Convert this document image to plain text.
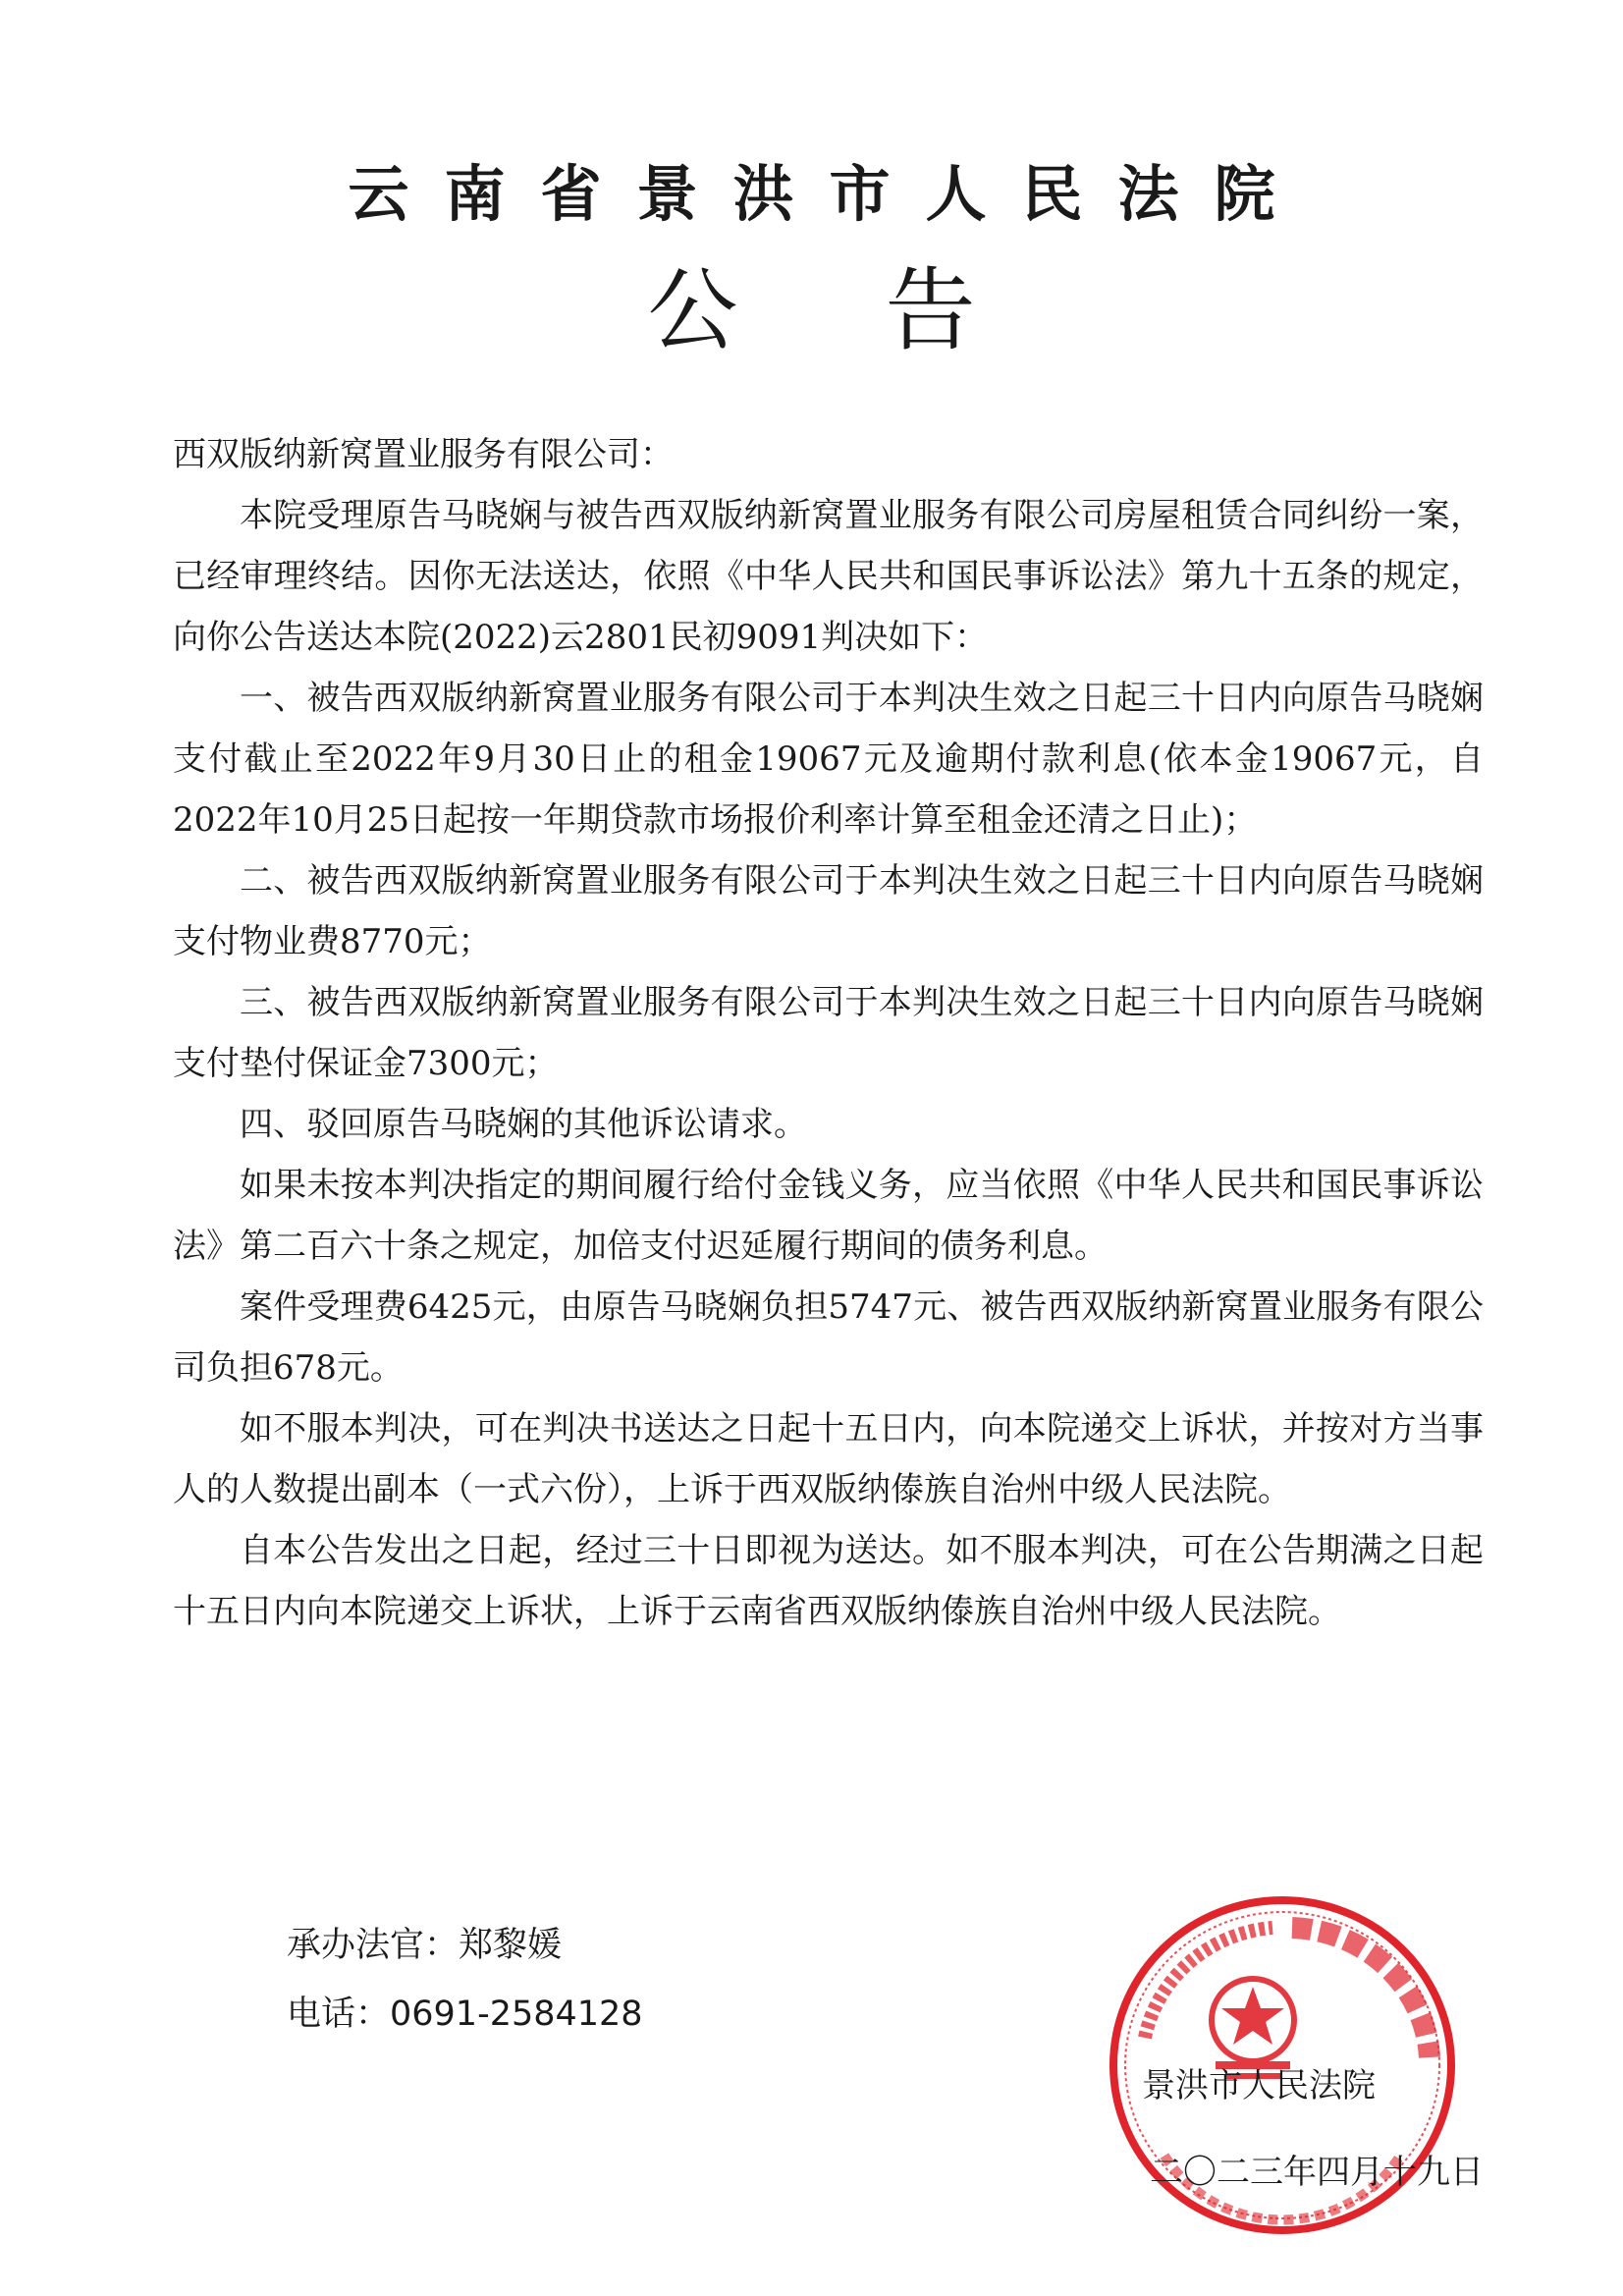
云南省景洪市人民法院
公告

西双版纳新窝置业服务有限公司：

本院受理原告马晓娴与被告西双版纳新窝置业服务有限公司房屋租赁合同纠纷一案，已经审理终结。因你无法送达，依照《中华人民共和国民事诉讼法》第九十五条的规定，向你公告送达本院(2022)云2801民初9091判决如下：

一、被告西双版纳新窝置业服务有限公司于本判决生效之日起三十日内向原告马晓娴支付截止至2022年9月30日止的租金19067元及逾期付款利息(依本金19067元，自2022年10月25日起按一年期贷款市场报价利率计算至租金还清之日止)；

二、被告西双版纳新窝置业服务有限公司于本判决生效之日起三十日内向原告马晓娴支付物业费8770元；

三、被告西双版纳新窝置业服务有限公司于本判决生效之日起三十日内向原告马晓娴支付垫付保证金7300元；

四、驳回原告马晓娴的其他诉讼请求。

如果未按本判决指定的期间履行给付金钱义务，应当依照《中华人民共和国民事诉讼法》第二百六十条之规定，加倍支付迟延履行期间的债务利息。

案件受理费6425元，由原告马晓娴负担5747元、被告西双版纳新窝置业服务有限公司负担678元。

如不服本判决，可在判决书送达之日起十五日内，向本院递交上诉状，并按对方当事人的人数提出副本（一式六份），上诉于西双版纳傣族自治州中级人民法院。

自本公告发出之日起，经过三十日即视为送达。如不服本判决，可在公告期满之日起十五日内向本院递交上诉状，上诉于云南省西双版纳傣族自治州中级人民法院。

承办法官：郑黎媛
电话：0691-2584128
景洪市人民法院
二〇二三年四月十九日
